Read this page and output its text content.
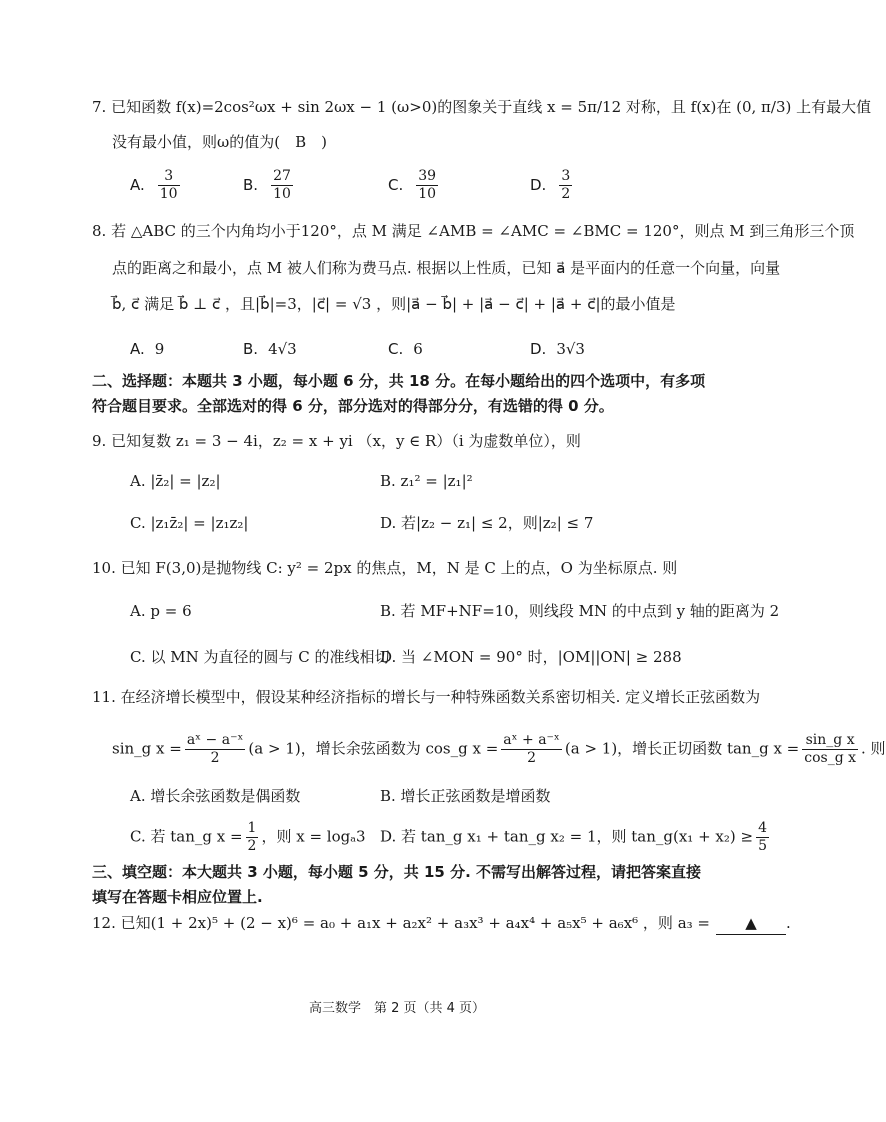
7. 已知函数 f(x)=2cos²ωx + sin 2ωx − 1 (ω>0)的图象关于直线 x = 5π/12 对称，且 f(x)在 (0, π/3) 上有最大值
没有最小值，则ω的值为(　B　)
A. $\frac{3}{10}$	B. $\frac{27}{10}$	C. $\frac{39}{10}$	D. $\frac{3}{2}$
8. 若 △ABC 的三个内角均小于120°，点 M 满足 ∠AMB = ∠AMC = ∠BMC = 120°，则点 M 到三角形三个顶
点的距离之和最小，点 M 被人们称为费马点. 根据以上性质，已知 a⃗ 是平面内的任意一个向量，向量
b⃗, c⃗ 满足 b⃗ ⊥ c⃗ ，且|b⃗|=3，|c⃗| = √3 ，则|a⃗ − b⃗| + |a⃗ − c⃗| + |a⃗ + c⃗|的最小值是
A. 9	B. 4√3	C. 6	D. 3√3
二、选择题：本题共 3 小题，每小题 6 分，共 18 分。在每小题给出的四个选项中，有多项符合题目要求。全部选对的得 6 分，部分选对的得部分分，有选错的得 0 分。
9. 已知复数 z₁ = 3 − 4i，z₂ = x + yi （x，y ∈ R）（i 为虚数单位），则
A. |z̄₂| = |z₂|	B. z₁² = |z₁|²
C. |z₁z̄₂| = |z₁z₂|	D. 若|z₂ − z₁| ≤ 2，则|z₂| ≤ 7
10. 已知 F(3,0)是抛物线 C: y² = 2px 的焦点，M，N 是 C 上的点，O 为坐标原点. 则
A. p = 6	B. 若 MF+NF=10，则线段 MN 的中点到 y 轴的距离为 2
C. 以 MN 为直径的圆与 C 的准线相切
D. 当 ∠MON = 90° 时，|OM||ON| ≥ 288
11. 在经济增长模型中，假设某种经济指标的增长与一种特殊函数关系密切相关. 定义增长正弦函数为
sin_g $x = \frac{\text{aˣ − a⁻ˣ}}{2} (a > 1)$，增长余弦函数为 cos_g $x = \frac{\text{aˣ + a⁻ˣ}}{2} (a > 1)$，增长正切函数 tan_g $x = \frac{\text{sin\_g x}}{\text{cos\_g x}}$ . 则
A. 增长余弦函数是偶函数	B. 增长正弦函数是增函数
C. 若 tan_g $x = \frac{1}{2}$ ，则 x = logₐ3 D. 若 tan_g x₁ + tan_g x₂ = 1，则 tan_g(x₁ + $x_2) \ge \frac{4}{5}$
三、填空题：本大题共 3 小题，每小题 5 分，共 15 分. 不需写出解答过程，请把答案直接填写在答题卡相应位置上.
12. 已知(1 + 2x)⁵ + (2 − x)⁶ = a₀ + a₁x + a₂x² + a₃x³ + a₄x⁴ + a₅x⁵ + a₆x⁶ ，则 a₃ = ▲ .
高三数学　第 2 页（共 4 页）
